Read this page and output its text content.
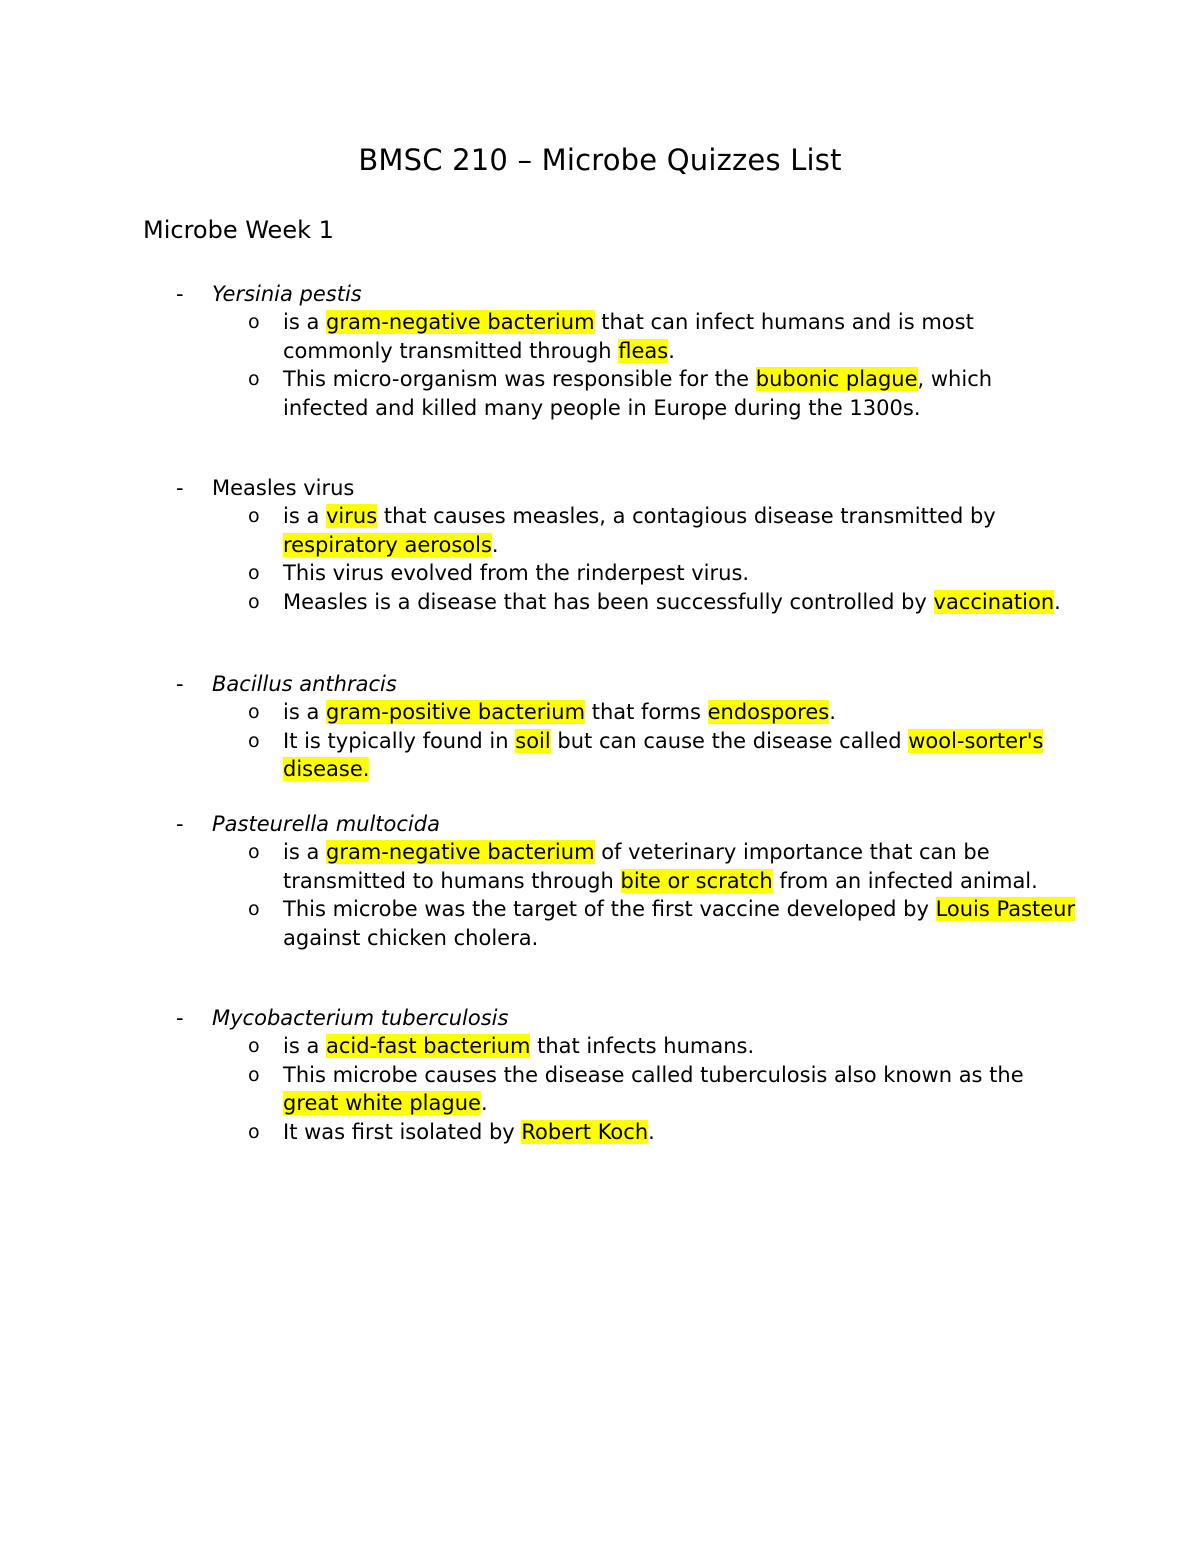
BMSC 210 – Microbe Quizzes List
Microbe Week 1
- Yersinia pestis
o is a gram-negative bacterium that can infect humans and is most commonly transmitted through fleas.
o This micro-organism was responsible for the bubonic plague, which infected and killed many people in Europe during the 1300s.
- Measles virus
o is a virus that causes measles, a contagious disease transmitted by respiratory aerosols.
o This virus evolved from the rinderpest virus.
o Measles is a disease that has been successfully controlled by vaccination.
- Bacillus anthracis
o is a gram-positive bacterium that forms endospores.
o It is typically found in soil but can cause the disease called wool-sorter's disease.
- Pasteurella multocida
o is a gram-negative bacterium of veterinary importance that can be transmitted to humans through bite or scratch from an infected animal.
o This microbe was the target of the first vaccine developed by Louis Pasteur against chicken cholera.
- Mycobacterium tuberculosis
o is a acid-fast bacterium that infects humans.
o This microbe causes the disease called tuberculosis also known as the great white plague.
o It was first isolated by Robert Koch.
